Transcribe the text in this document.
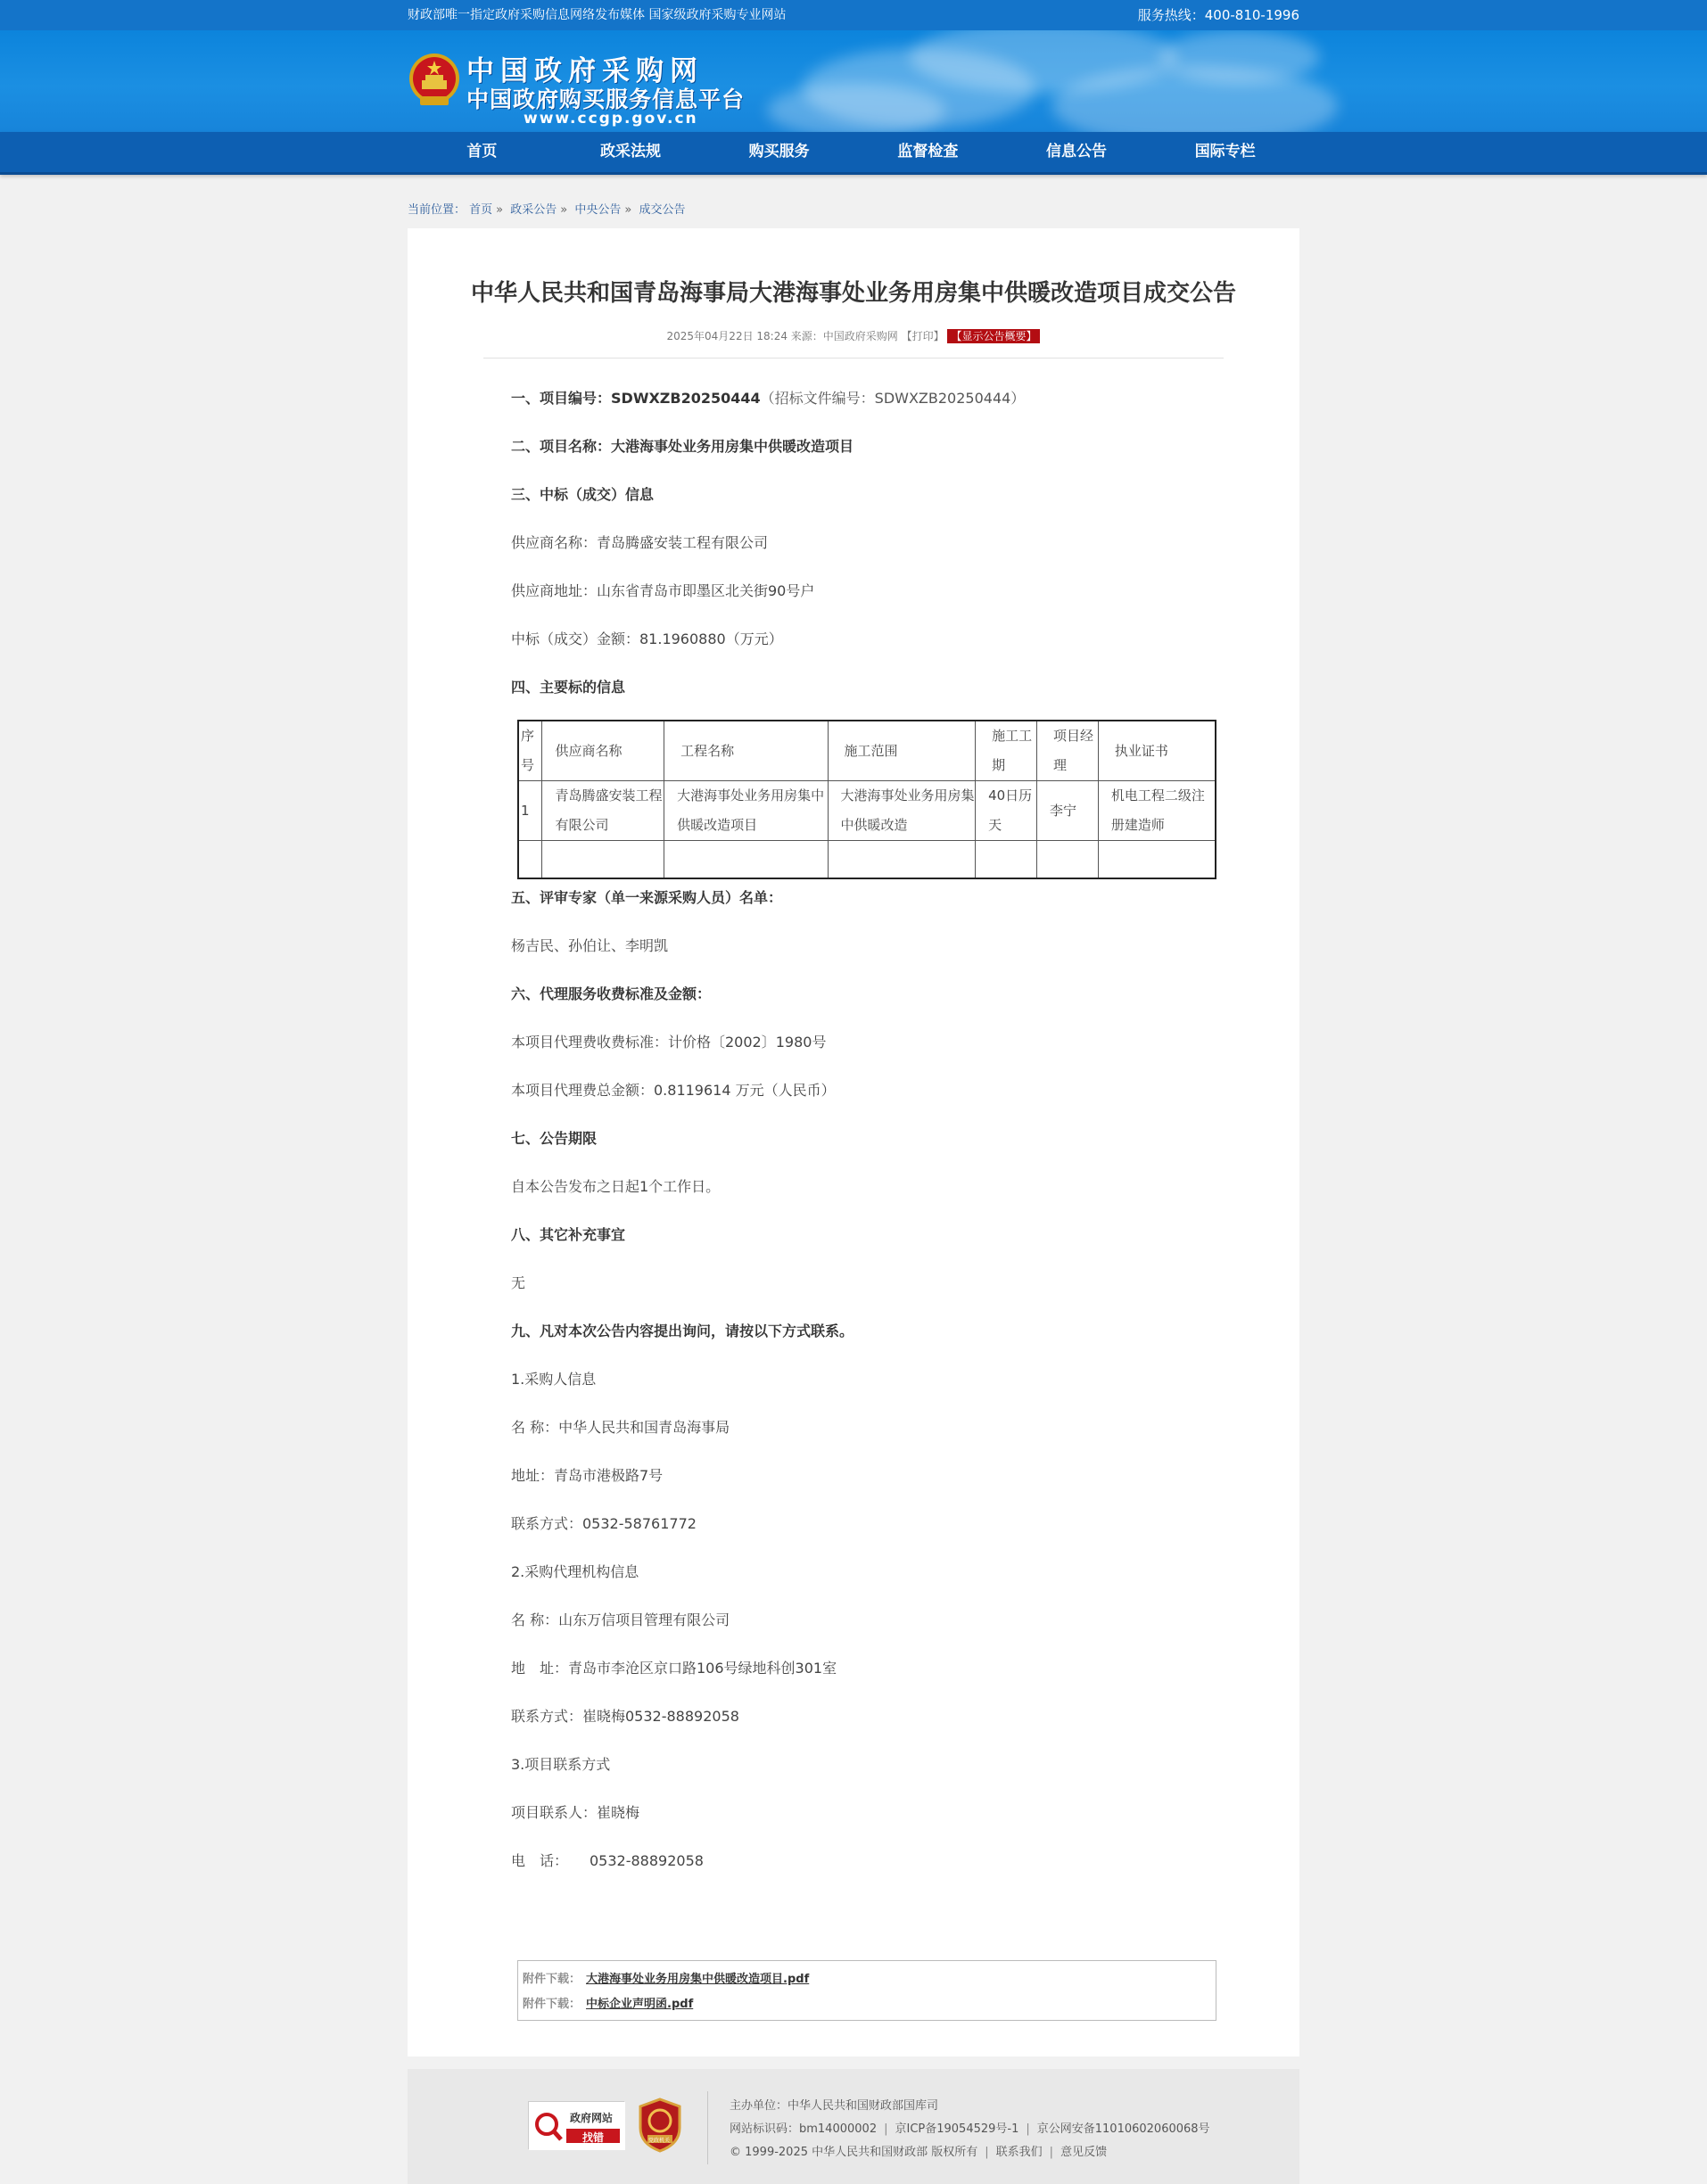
财政部唯一指定政府采购信息网络发布媒体 国家级政府采购专业网站	服务热线：400-810-1996
中国政府采购网
中国政府购买服务信息平台
www.ccgp.gov.cn
首页	政采法规	购买服务	监督检查	信息公告	国际专栏
当前位置： 首页 » 政采公告 » 中央公告 » 成交公告
中华人民共和国青岛海事局大港海事处业务用房集中供暖改造项目成交公告
2025年04月22日 18:24 来源：中国政府采购网 【打印】 【显示公告概要】
一、项目编号：SDWXZB20250444（招标文件编号：SDWXZB20250444）
二、项目名称：大港海事处业务用房集中供暖改造项目
三、中标（成交）信息
供应商名称：青岛腾盛安装工程有限公司
供应商地址：山东省青岛市即墨区北关街90号户
中标（成交）金额：81.1960880（万元）
四、主要标的信息
序号	供应商名称	工程名称	施工范围	施工工期	项目经理	执业证书
1	青岛腾盛安装工程有限公司	大港海事处业务用房集中供暖改造项目	大港海事处业务用房集中供暖改造	40日历天	李宁	机电工程二级注册建造师

五、评审专家（单一来源采购人员）名单：
杨吉民、孙伯让、李明凯
六、代理服务收费标准及金额：
本项目代理费收费标准：计价格〔2002〕1980号
本项目代理费总金额：0.8119614 万元（人民币）
七、公告期限
自本公告发布之日起1个工作日。
八、其它补充事宜
无
九、凡对本次公告内容提出询问，请按以下方式联系。
1.采购人信息
名 称：中华人民共和国青岛海事局
地址：青岛市港极路7号
联系方式：0532-58761772
2.采购代理机构信息
名 称：山东万信项目管理有限公司
地　址：青岛市李沧区京口路106号绿地科创301室
联系方式：崔晓梅0532-88892058
3.项目联系方式
项目联系人：崔晓梅
电　话：　　0532-88892058
附件下载： 大港海事处业务用房集中供暖改造项目.pdf
附件下载： 中标企业声明函.pdf
政府网站
找错	党政机关
主办单位：中华人民共和国财政部国库司
网站标识码：bm14000002 | 京ICP备19054529号-1 | 京公网安备11010602060068号
© 1999-2025 中华人民共和国财政部 版权所有 | 联系我们 | 意见反馈
